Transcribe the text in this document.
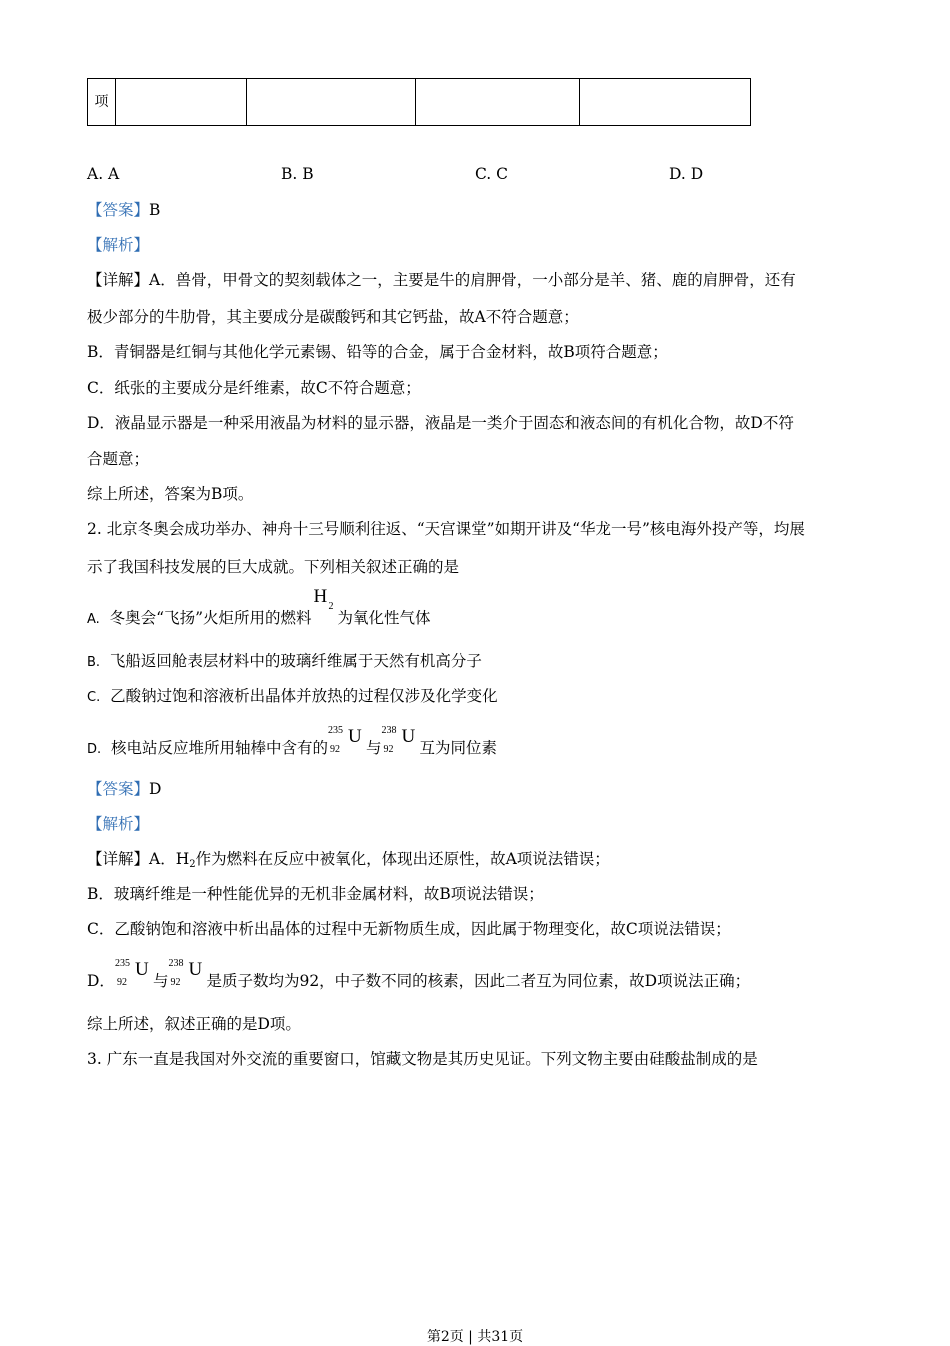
项				
A. A	B. B	C. C	D. D
【答案】B
【解析】
【详解】A．兽骨，甲骨文的契刻载体之一，主要是牛的肩胛骨，一小部分是羊、猪、鹿的肩胛骨，还有
极少部分的牛肋骨，其主要成分是碳酸钙和其它钙盐，故A不符合题意；
B．青铜器是红铜与其他化学元素锡、铅等的合金，属于合金材料，故B项符合题意；
C．纸张的主要成分是纤维素，故C不符合题意；
D．液晶显示器是一种采用液晶为材料的显示器，液晶是一类介于固态和液态间的有机化合物，故D不符
合题意；
综上所述，答案为B项。
2. 北京冬奥会成功举办、神舟十三号顺利往返、“天宫课堂”如期开讲及“华龙一号”核电海外投产等，均展
示了我国科技发展的巨大成就。下列相关叙述正确的是
A. 冬奥会“飞扬”火炬所用的燃料
H 2
为氧化性气体
B. 飞船返回舱表层材料中的玻璃纤维属于天然有机高分子
C. 乙酸钠过饱和溶液析出晶体并放热的过程仅涉及化学变化
D. 核电站反应堆所用轴棒中含有的
235
92
U
与
238
92
U
互为同位素
【答案】D
【解析】
【详解】A．H2作为燃料在反应中被氧化，体现出还原性，故A项说法错误；
B．玻璃纤维是一种性能优异的无机非金属材料，故B项说法错误；
C．乙酸钠饱和溶液中析出晶体的过程中无新物质生成，因此属于物理变化，故C项说法错误；
D．
235
92
U
与
238
92
U
是质子数均为92，中子数不同的核素，因此二者互为同位素，故D项说法正确；
综上所述，叙述正确的是D项。
3. 广东一直是我国对外交流的重要窗口，馆藏文物是其历史见证。下列文物主要由硅酸盐制成的是
第2页 | 共31页
